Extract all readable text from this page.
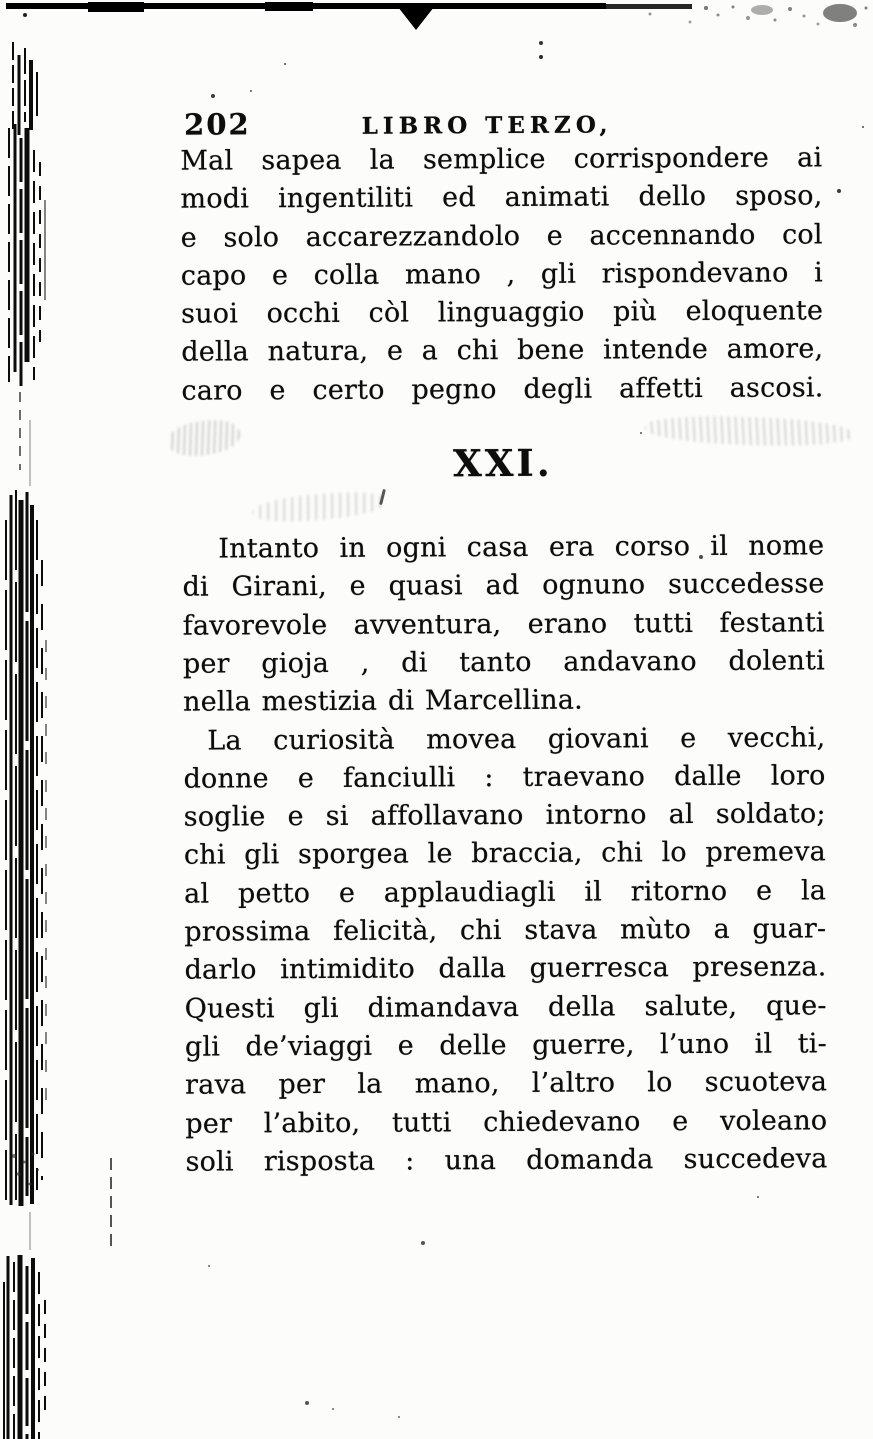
202	LIBRO TERZO,
Mal sapea la semplice corrispondere ai
modi ingentiliti ed animati dello sposo,
e solo accarezzandolo e accennando col
capo e colla mano , gli rispondevano i
suoi occhi còl linguaggio più eloquente
della natura, e a chi bene intende amore,
caro e certo pegno degli affetti ascosi.
XXI.
Intanto in ogni casa era corso il nome
di Girani, e quasi ad ognuno succedesse
favorevole avventura, erano tutti festanti
per gioja , di tanto andavano dolenti
nella mestizia di Marcellina.
La curiosità movea giovani e vecchi,
donne e fanciulli : traevano dalle loro
soglie e si affollavano intorno al soldato;
chi gli sporgea le braccia, chi lo premeva
al petto e applaudiagli il ritorno e la
prossima felicità, chi stava mùto a guar-
darlo intimidito dalla guerresca presenza.
Questi gli dimandava della salute, que-
gli de’viaggi e delle guerre, l’uno il ti-
rava per la mano, l’altro lo scuoteva
per l’abito, tutti chiedevano e voleano
soli risposta : una domanda succedeva
